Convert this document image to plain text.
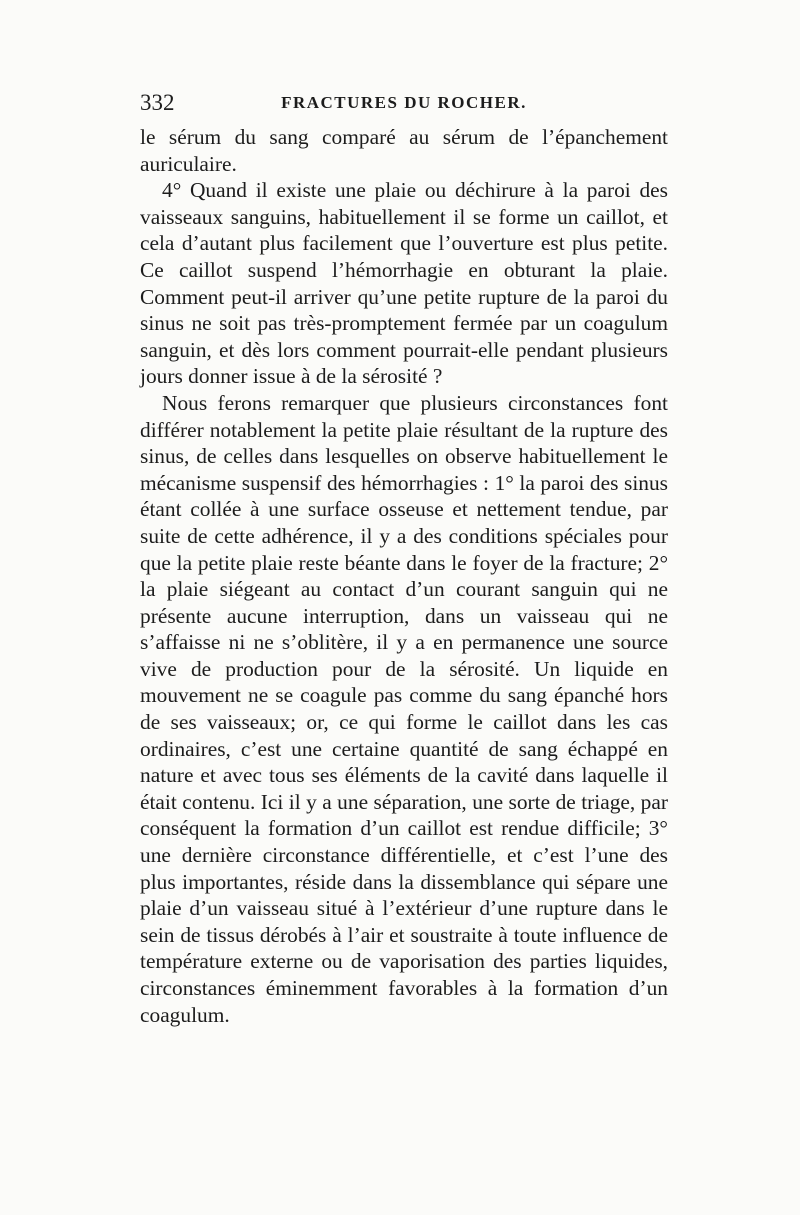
332	FRACTURES DU ROCHER.

le sérum du sang comparé au sérum de l’épanchement auriculaire.

4° Quand il existe une plaie ou déchirure à la paroi des vaisseaux sanguins, habituellement il se forme un caillot, et cela d’autant plus facilement que l’ouverture est plus petite. Ce caillot suspend l’hémorrhagie en obturant la plaie. Comment peut-il arriver qu’une petite rupture de la paroi du sinus ne soit pas très-promptement fermée par un coagulum sanguin, et dès lors comment pourrait-elle pendant plusieurs jours donner issue à de la sérosité ?

Nous ferons remarquer que plusieurs circonstances font différer notablement la petite plaie résultant de la rupture des sinus, de celles dans lesquelles on observe habituellement le mécanisme suspensif des hémorrhagies : 1° la paroi des sinus étant collée à une surface osseuse et nettement tendue, par suite de cette adhérence, il y a des conditions spéciales pour que la petite plaie reste béante dans le foyer de la fracture; 2° la plaie siégeant au contact d’un courant sanguin qui ne présente aucune interruption, dans un vaisseau qui ne s’affaisse ni ne s’oblitère, il y a en permanence une source vive de production pour de la sérosité. Un liquide en mouvement ne se coagule pas comme du sang épanché hors de ses vaisseaux; or, ce qui forme le caillot dans les cas ordinaires, c’est une certaine quantité de sang échappé en nature et avec tous ses éléments de la cavité dans laquelle il était contenu. Ici il y a une séparation, une sorte de triage, par conséquent la formation d’un caillot est rendue difficile; 3° une dernière circonstance différentielle, et c’est l’une des plus importantes, réside dans la dissemblance qui sépare une plaie d’un vaisseau situé à l’extérieur d’une rupture dans le sein de tissus dérobés à l’air et soustraite à toute influence de température externe ou de vaporisation des parties liquides, circonstances éminemment favorables à la formation d’un coagulum.
